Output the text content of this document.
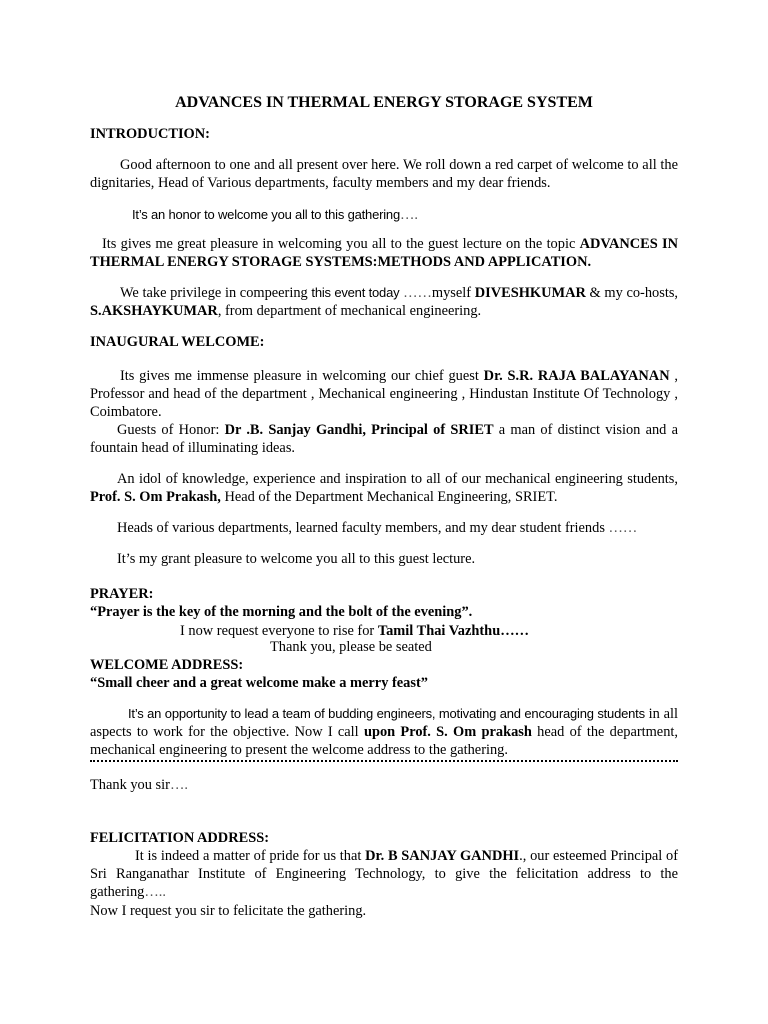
ADVANCES IN THERMAL ENERGY STORAGE SYSTEM
INTRODUCTION:

Good afternoon to one and all present over here. We roll down a red carpet of welcome to all the dignitaries, Head of Various departments, faculty members and my dear friends.

It’s an honor to welcome you all to this gathering….

Its gives me great pleasure in welcoming you all to the guest lecture on the topic ADVANCES IN THERMAL ENERGY STORAGE SYSTEMS:METHODS AND APPLICATION.

We take privilege in compeering this event today ……myself DIVESHKUMAR & my co-hosts, S.AKSHAYKUMAR, from department of mechanical engineering.

INAUGURAL WELCOME:

Its gives me immense pleasure in welcoming our chief guest Dr. S.R. RAJA BALAYANAN , Professor and head of the department , Mechanical engineering , Hindustan Institute Of Technology , Coimbatore.

Guests of Honor: Dr .B. Sanjay Gandhi, Principal of SRIET a man of distinct vision and a fountain head of illuminating ideas.

An idol of knowledge, experience and inspiration to all of our mechanical engineering students, Prof. S. Om Prakash, Head of the Department Mechanical Engineering, SRIET.

Heads of various departments, learned faculty members, and my dear student friends ……

It’s my grant pleasure to welcome you all to this guest lecture.

PRAYER:

“Prayer is the key of the morning and the bolt of the evening”.

I now request everyone to rise for Tamil Thai Vazhthu……

Thank you, please be seated

WELCOME ADDRESS:

“Small cheer and a great welcome make a merry feast”

It’s an opportunity to lead a team of budding engineers, motivating and encouraging students in all aspects to work for the objective. Now I call upon Prof. S. Om prakash head of the department, mechanical engineering to present the welcome address to the gathering.

Thank you sir….

FELICITATION ADDRESS:

It is indeed a matter of pride for us that Dr. B SANJAY GANDHI., our esteemed Principal of Sri Ranganathar Institute of Engineering Technology, to give the felicitation address to the gathering…..

Now I request you sir to felicitate the gathering.
